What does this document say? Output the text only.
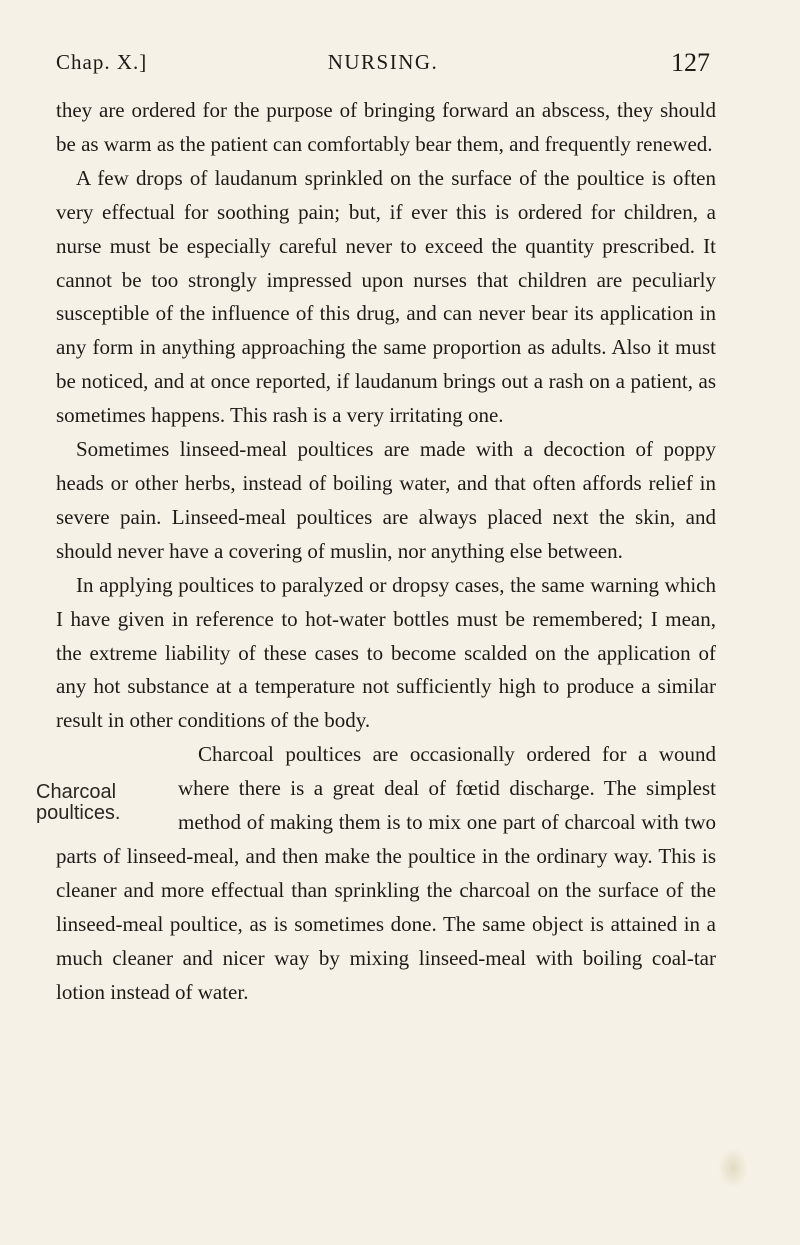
Chap. X.]	NURSING.	127

they are ordered for the purpose of bringing forward an abscess, they should be as warm as the patient can comfortably bear them, and frequently renewed.

A few drops of laudanum sprinkled on the surface of the poultice is often very effectual for soothing pain; but, if ever this is ordered for children, a nurse must be especially careful never to exceed the quantity prescribed. It cannot be too strongly impressed upon nurses that children are peculiarly susceptible of the influence of this drug, and can never bear its application in any form in anything approaching the same proportion as adults. Also it must be noticed, and at once reported, if laudanum brings out a rash on a patient, as sometimes happens. This rash is a very irritating one.

Sometimes linseed-meal poultices are made with a decoction of poppy heads or other herbs, instead of boiling water, and that often affords relief in severe pain. Linseed-meal poultices are always placed next the skin, and should never have a covering of muslin, nor anything else between.

In applying poultices to paralyzed or dropsy cases, the same warning which I have given in reference to hot-water bottles must be remembered; I mean, the extreme liability of these cases to become scalded on the application of any hot substance at a temperature not sufficiently high to produce a similar result in other conditions of the body.

Charcoal
poultices.

Charcoal poultices are occasionally ordered for a wound where there is a great deal of fœtid discharge. The simplest method of making them is to mix one part of charcoal with two parts of linseed-meal, and then make the poultice in the ordinary way. This is cleaner and more effectual than sprinkling the charcoal on the surface of the linseed-meal poultice, as is sometimes done. The same object is attained in a much cleaner and nicer way by mixing linseed-meal with boiling coal-tar lotion instead of water.
